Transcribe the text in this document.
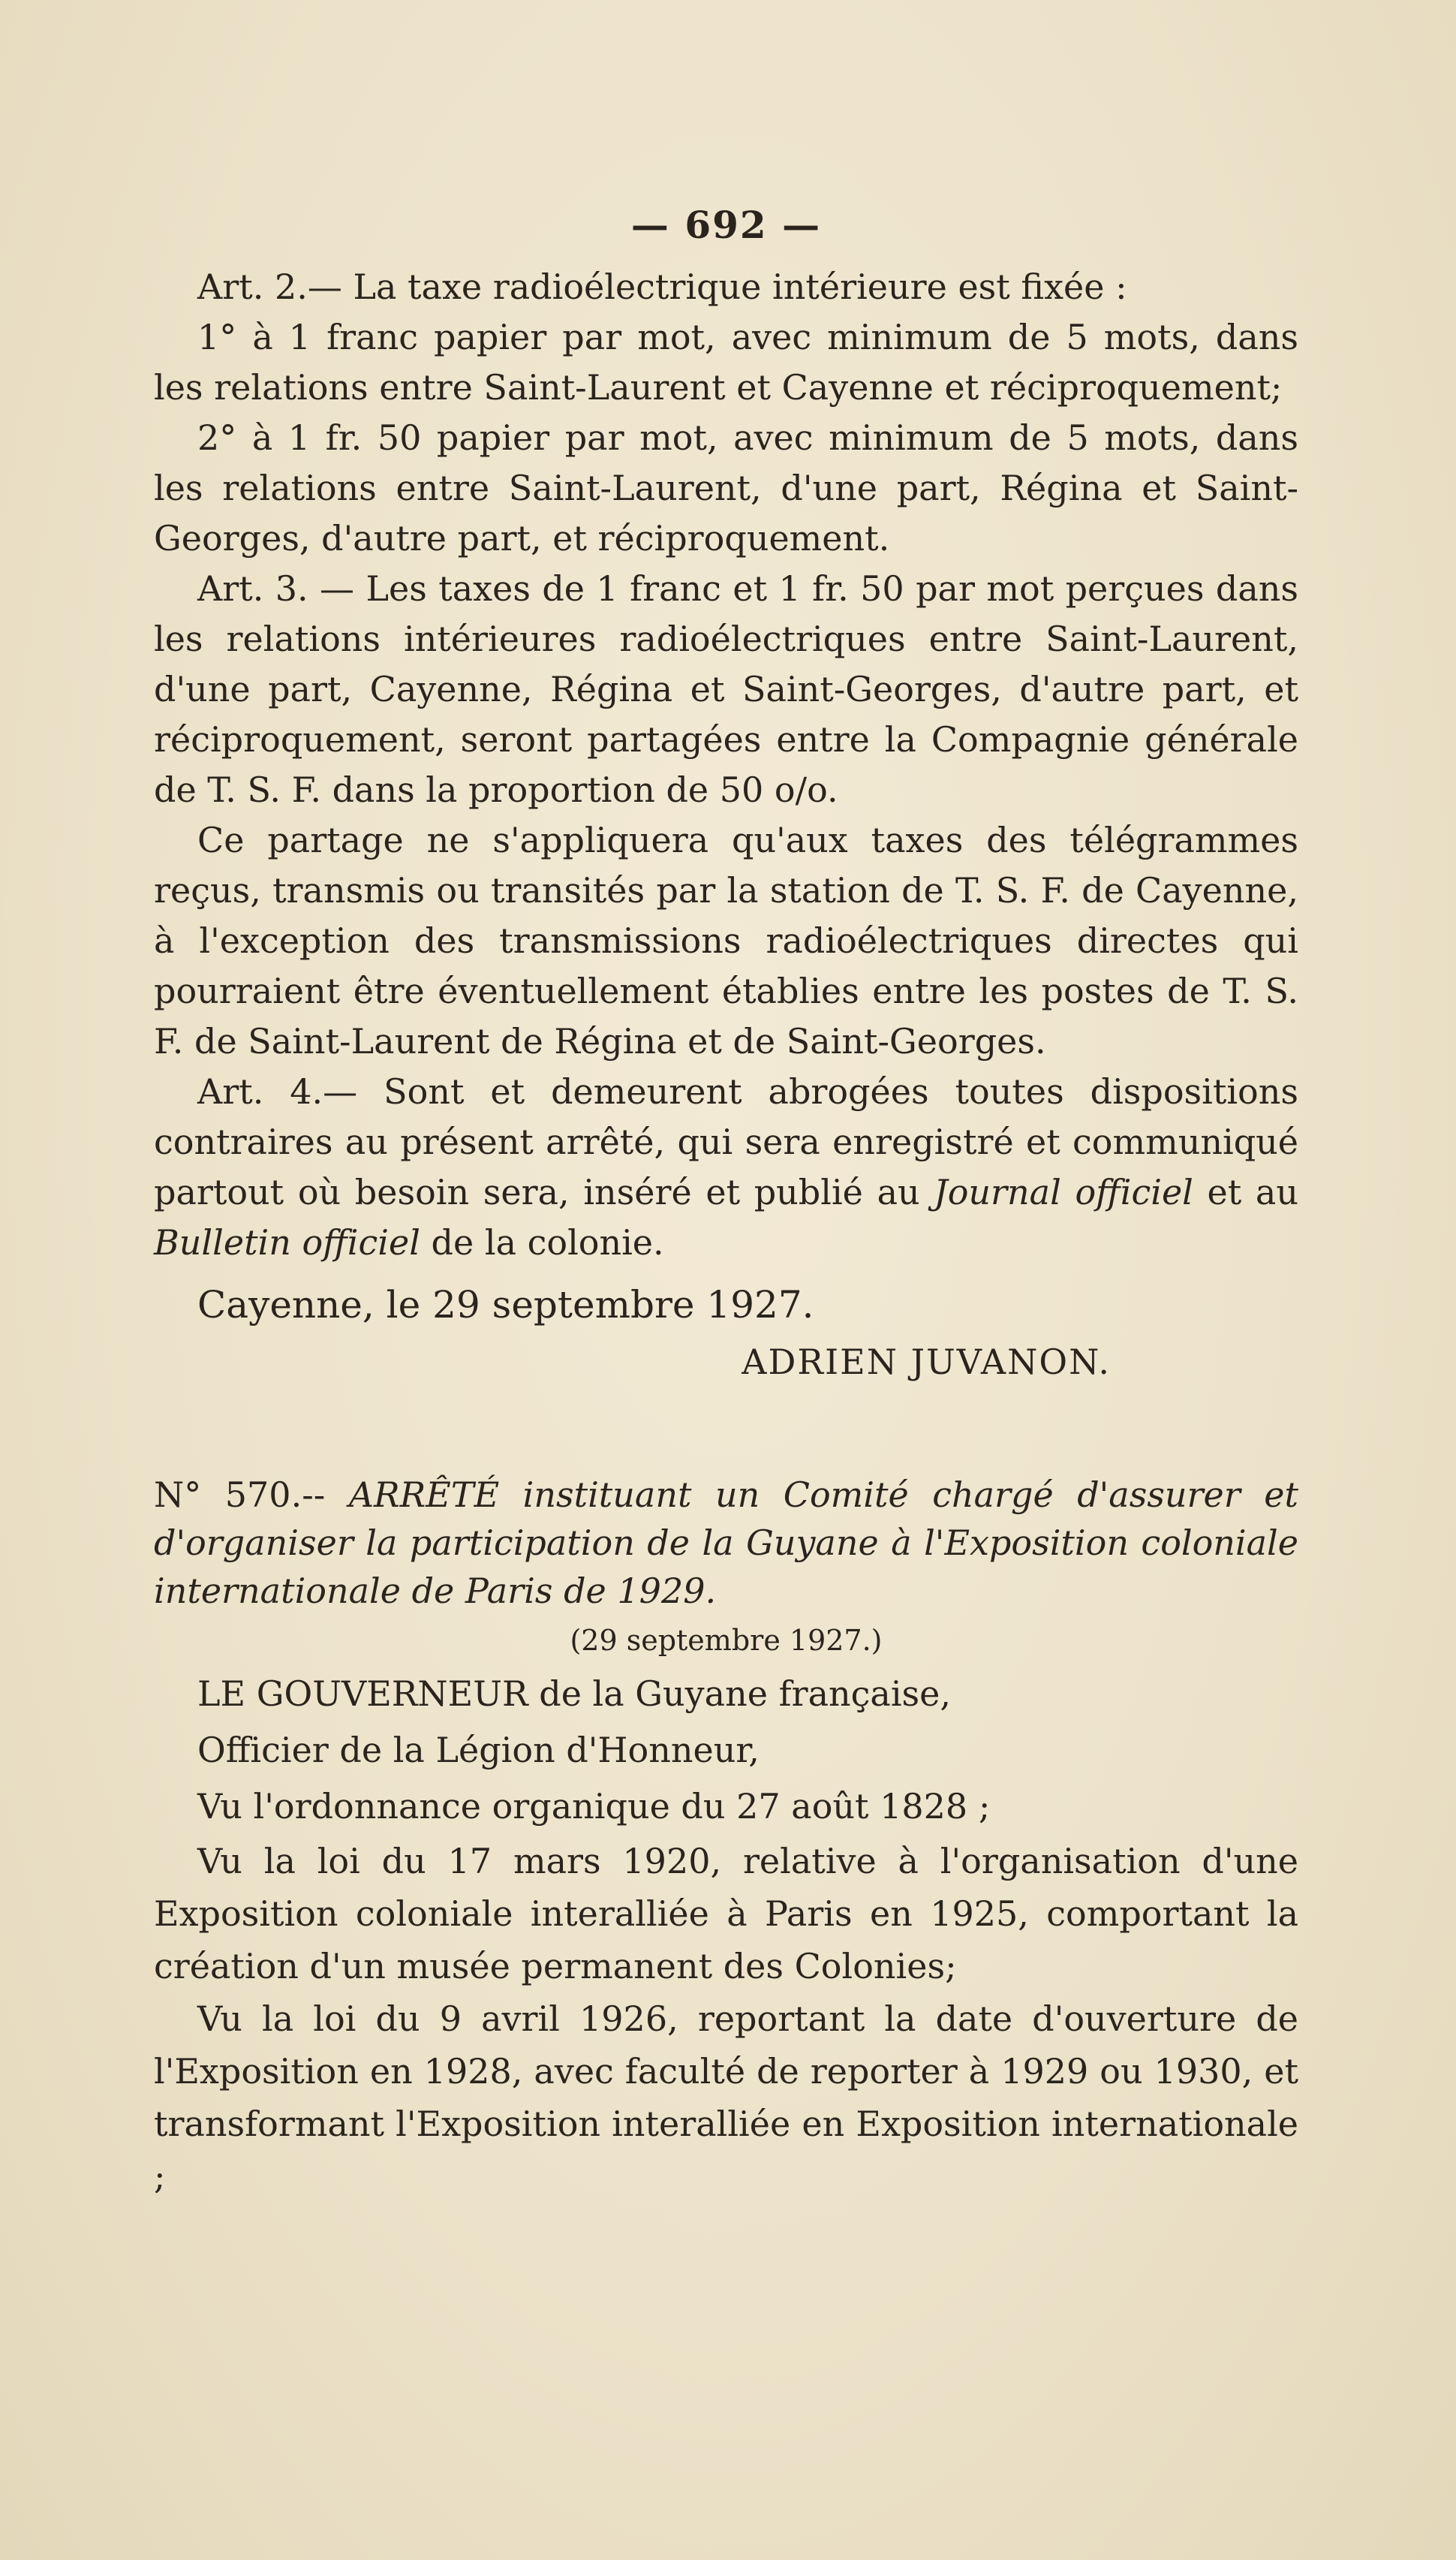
— 692 —

Art. 2.— La taxe radioélectrique intérieure est fixée :

1° à 1 franc papier par mot, avec minimum de 5 mots, dans les relations entre Saint-Laurent et Cayenne et réciproquement;

2° à 1 fr. 50 papier par mot, avec minimum de 5 mots, dans les relations entre Saint-Laurent, d'une part, Régina et Saint-Georges, d'autre part, et réciproquement.

Art. 3. — Les taxes de 1 franc et 1 fr. 50 par mot perçues dans les relations intérieures radioélectriques entre Saint-Laurent, d'une part, Cayenne, Régina et Saint-Georges, d'autre part, et réciproquement, seront partagées entre la Compagnie générale de T. S. F. dans la proportion de 50 o/o.

Ce partage ne s'appliquera qu'aux taxes des télégrammes reçus, transmis ou transités par la station de T. S. F. de Cayenne, à l'exception des transmissions radioélectriques directes qui pourraient être éventuellement établies entre les postes de T. S. F. de Saint-Laurent de Régina et de Saint-Georges.

Art. 4.— Sont et demeurent abrogées toutes dispositions contraires au présent arrêté, qui sera enregistré et communiqué partout où besoin sera, inséré et publié au Journal officiel et au Bulletin officiel de la colonie.

Cayenne, le 29 septembre 1927.

ADRIEN JUVANON.

N° 570.-- ARRÊTÉ instituant un Comité chargé d'assurer et d'organiser la participation de la Guyane à l'Exposition coloniale internationale de Paris de 1929.

(29 septembre 1927.)

LE GOUVERNEUR de la Guyane française,

Officier de la Légion d'Honneur,

Vu l'ordonnance organique du 27 août 1828 ;

Vu la loi du 17 mars 1920, relative à l'organisation d'une Exposition coloniale interalliée à Paris en 1925, comportant la création d'un musée permanent des Colonies;

Vu la loi du 9 avril 1926, reportant la date d'ouverture de l'Exposition en 1928, avec faculté de reporter à 1929 ou 1930, et transformant l'Exposition interalliée en Exposition internationale ;
